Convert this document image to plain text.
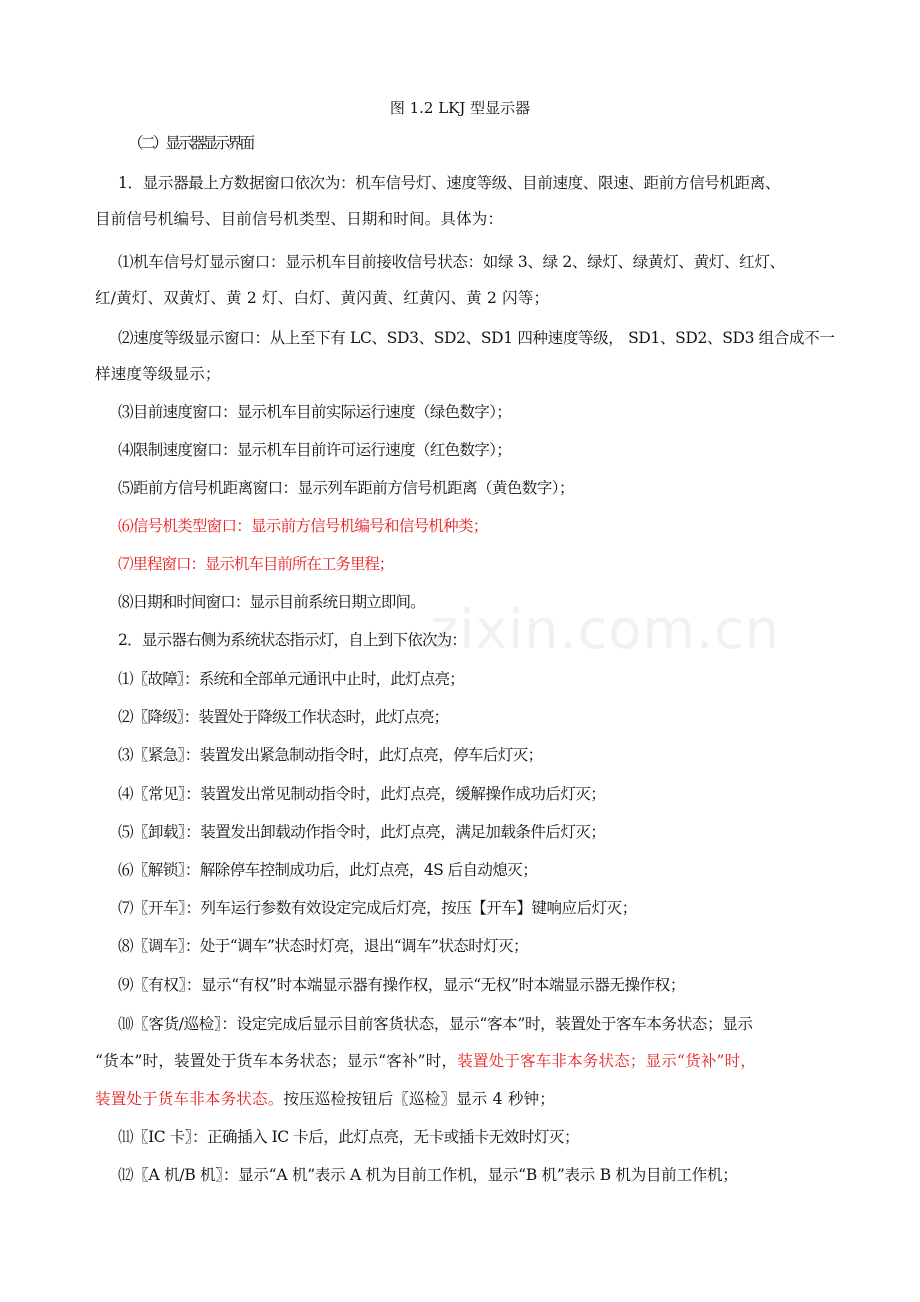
图 1.2 LKJ 型显示器
（二）显示器显示界面
1．显示器最上方数据窗口依次为：机车信号灯、速度等级、目前速度、限速、距前方信号机距离、
目前信号机编号、目前信号机类型、日期和时间。具体为：
⑴机车信号灯显示窗口：显示机车目前接收信号状态：如绿 3、绿 2、绿灯、绿黄灯、黄灯、红灯、
红/黄灯、双黄灯、黄 2 灯、白灯、黄闪黄、红黄闪、黄 2 闪等；
⑵速度等级显示窗口：从上至下有 LC、SD3、SD2、SD1 四种速度等级， SD1、SD2、SD3 组合成不一
样速度等级显示；
⑶目前速度窗口：显示机车目前实际运行速度（绿色数字）；
⑷限制速度窗口：显示机车目前许可运行速度（红色数字）；
⑸距前方信号机距离窗口：显示列车距前方信号机距离（黄色数字）；
⑹信号机类型窗口：显示前方信号机编号和信号机种类；
⑺里程窗口：显示机车目前所在工务里程；
⑻日期和时间窗口：显示目前系统日期立即间。
2．显示器右侧为系统状态指示灯，自上到下依次为：
⑴〖故障〗：系统和全部单元通讯中止时，此灯点亮；
⑵〖降级〗：装置处于降级工作状态时，此灯点亮；
⑶〖紧急〗：装置发出紧急制动指令时，此灯点亮，停车后灯灭；
⑷〖常见〗：装置发出常见制动指令时，此灯点亮，缓解操作成功后灯灭；
⑸〖卸载〗：装置发出卸载动作指令时，此灯点亮，满足加载条件后灯灭；
⑹〖解锁〗：解除停车控制成功后，此灯点亮，4S 后自动熄灭；
⑺〖开车〗：列车运行参数有效设定完成后灯亮，按压【开车】键响应后灯灭；
⑻〖调车〗：处于“调车”状态时灯亮，退出“调车”状态时灯灭；
⑼〖有权〗：显示“有权”时本端显示器有操作权，显示“无权”时本端显示器无操作权；
⑽〖客货/巡检〗：设定完成后显示目前客货状态，显示“客本”时，装置处于客车本务状态；显示
“货本”时，装置处于货车本务状态；显示“客补”时，装置处于客车非本务状态；显示“货补”时，
装置处于货车非本务状态。按压巡检按钮后〖巡检〗显示 4 秒钟；
⑾〖IC 卡〗：正确插入 IC 卡后，此灯点亮，无卡或插卡无效时灯灭；
⑿〖A 机/B 机〗：显示“A 机”表示 A 机为目前工作机，显示“B 机”表示 B 机为目前工作机；
zixin.com.cn
